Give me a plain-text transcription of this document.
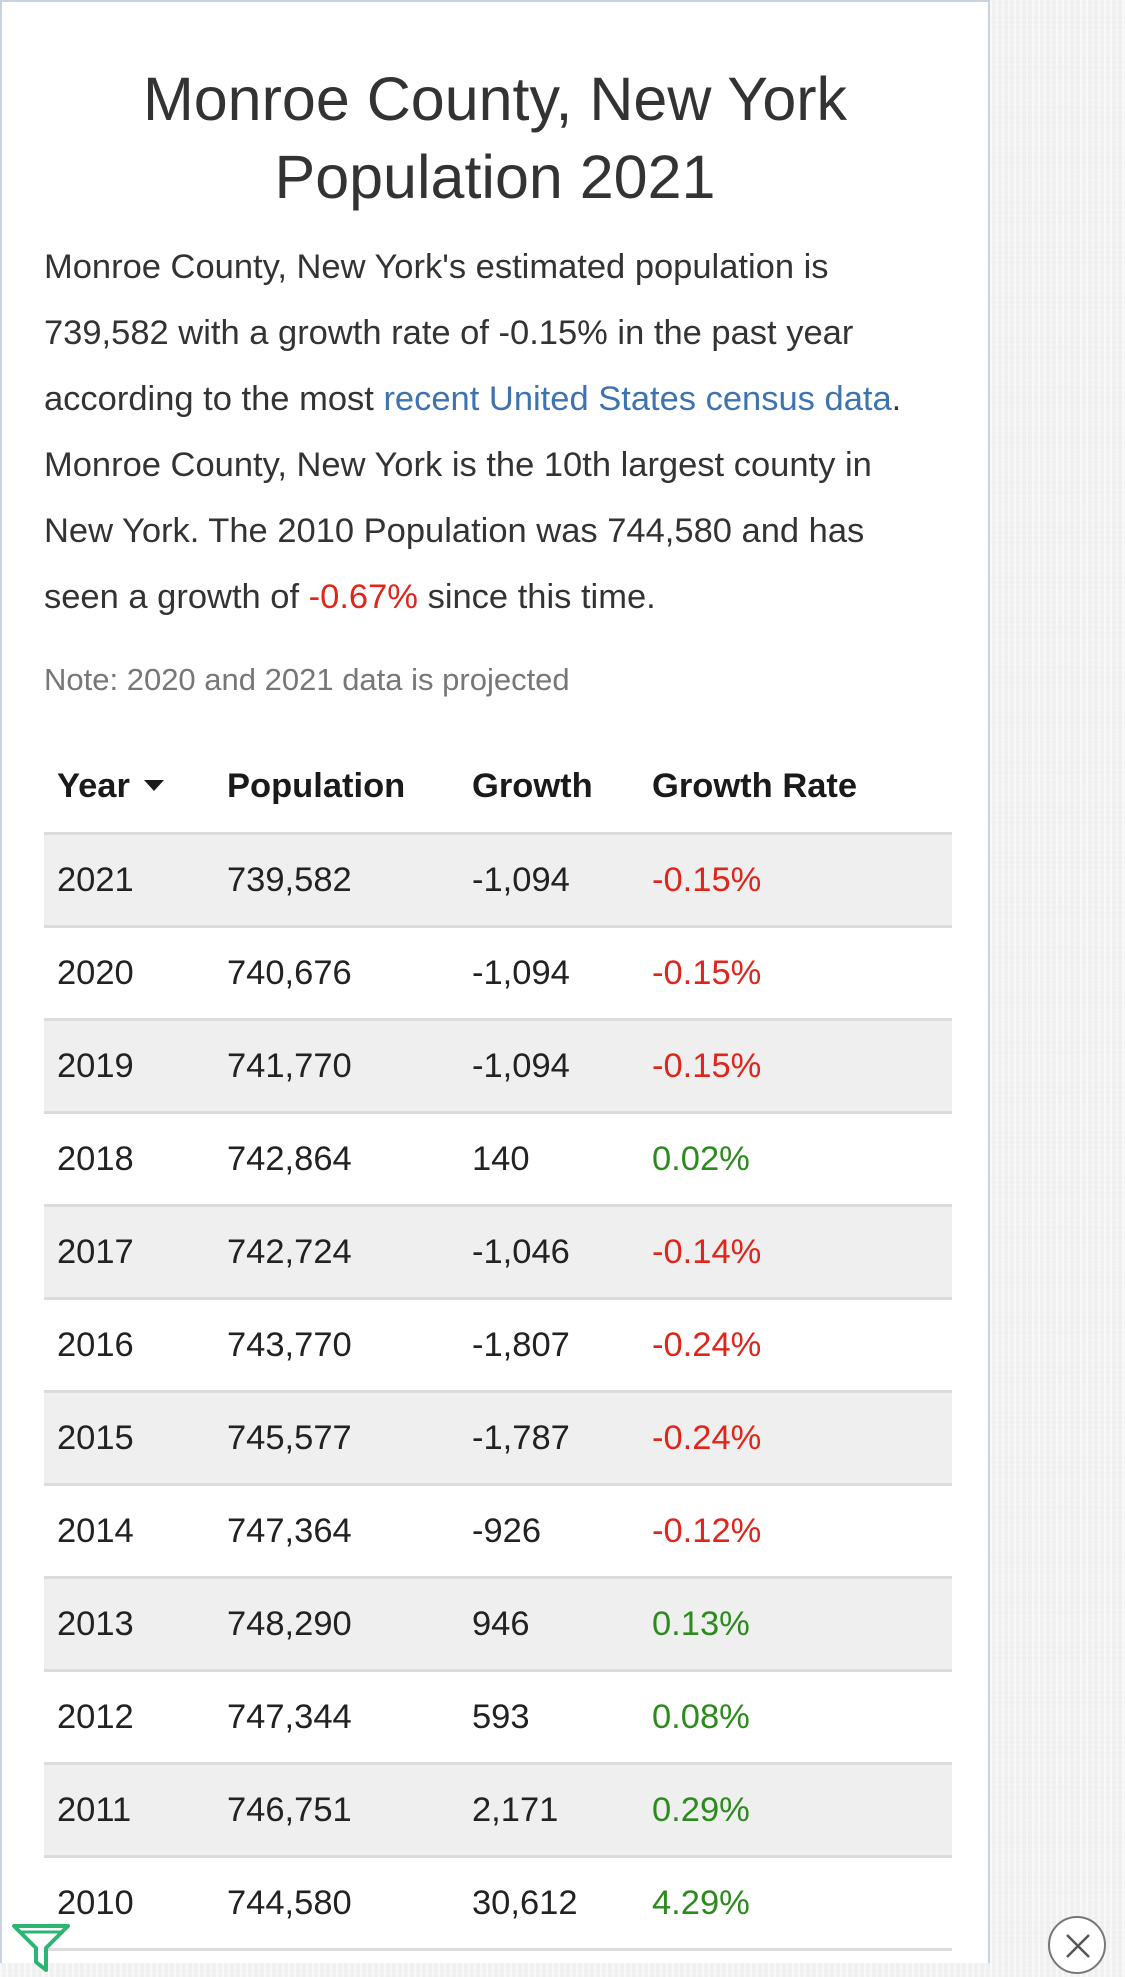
Monroe County, New York
Population 2021

Monroe County, New York's estimated population is 739,582 with a growth rate of -0.15% in the past year according to the most recent United States census data. Monroe County, New York is the 10th largest county in New York. The 2010 Population was 744,580 and has seen a growth of -0.67% since this time.

Note: 2020 and 2021 data is projected
Year	Population	Growth	Growth Rate
2021	739,582	-1,094	-0.15%
2020	740,676	-1,094	-0.15%
2019	741,770	-1,094	-0.15%
2018	742,864	140	0.02%
2017	742,724	-1,046	-0.14%
2016	743,770	-1,807	-0.24%
2015	745,577	-1,787	-0.24%
2014	747,364	-926	-0.12%
2013	748,290	946	0.13%
2012	747,344	593	0.08%
2011	746,751	2,171	0.29%
2010	744,580	30,612	4.29%
